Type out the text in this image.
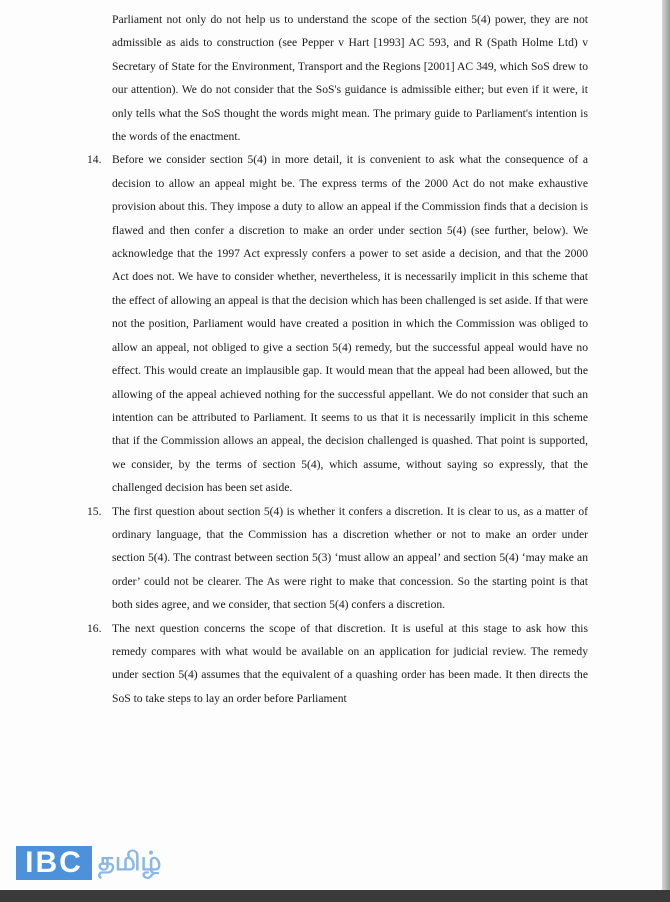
Parliament not only do not help us to understand the scope of the section 5(4) power, they are not admissible as aids to construction (see Pepper v Hart [1993] AC 593, and R (Spath Holme Ltd) v Secretary of State for the Environment, Transport and the Regions [2001] AC 349, which SoS drew to our attention). We do not consider that the SoS's guidance is admissible either; but even if it were, it only tells what the SoS thought the words might mean. The primary guide to Parliament's intention is the words of the enactment.

14. Before we consider section 5(4) in more detail, it is convenient to ask what the consequence of a decision to allow an appeal might be. The express terms of the 2000 Act do not make exhaustive provision about this. They impose a duty to allow an appeal if the Commission finds that a decision is flawed and then confer a discretion to make an order under section 5(4) (see further, below). We acknowledge that the 1997 Act expressly confers a power to set aside a decision, and that the 2000 Act does not. We have to consider whether, nevertheless, it is necessarily implicit in this scheme that the effect of allowing an appeal is that the decision which has been challenged is set aside. If that were not the position, Parliament would have created a position in which the Commission was obliged to allow an appeal, not obliged to give a section 5(4) remedy, but the successful appeal would have no effect. This would create an implausible gap. It would mean that the appeal had been allowed, but the allowing of the appeal achieved nothing for the successful appellant. We do not consider that such an intention can be attributed to Parliament. It seems to us that it is necessarily implicit in this scheme that if the Commission allows an appeal, the decision challenged is quashed. That point is supported, we consider, by the terms of section 5(4), which assume, without saying so expressly, that the challenged decision has been set aside.

15. The first question about section 5(4) is whether it confers a discretion. It is clear to us, as a matter of ordinary language, that the Commission has a discretion whether or not to make an order under section 5(4). The contrast between section 5(3) ‘must allow an appeal’ and section 5(4) ‘may make an order’ could not be clearer. The As were right to make that concession. So the starting point is that both sides agree, and we consider, that section 5(4) confers a discretion.

16. The next question concerns the scope of that discretion. It is useful at this stage to ask how this remedy compares with what would be available on an application for judicial review. The remedy under section 5(4) assumes that the equivalent of a quashing order has been made. It then directs the SoS to take steps to lay an order before Parliament

IBC தமிழ்
